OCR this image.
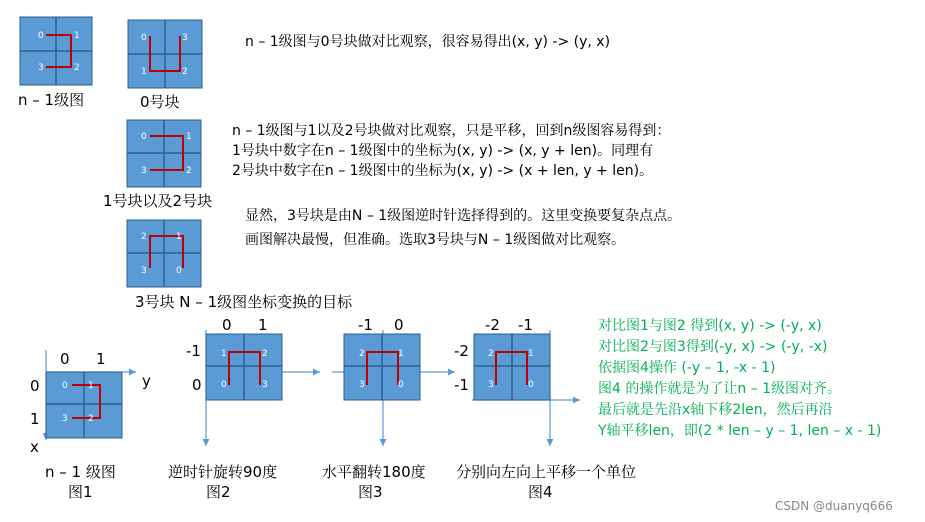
0	1
3	2
0	3
1	2
0	1
3	2
2	1
3	0
0 1
3 2
1	2
0	3
2	1
3	0
2	1
3	0
n – 1级图	0号块
n – 1级图与0号块做对比观察，很容易得出(x, y) -> (y, x)
1号块以及2号块
n – 1级图与1以及2号块做对比观察，只是平移，回到n级图容易得到：
1号块中数字在n – 1级图中的坐标为(x, y) -> (x, y + len)。同理有
2号块中数字在n – 1级图中的坐标为(x, y) -> (x + len, y + len)。
3号块 N – 1级图坐标变换的目标
显然，3号块是由N – 1级图逆时针选择得到的。这里变换要复杂点点。
画图解决最慢，但准确。选取3号块与N – 1级图做对比观察。
0 1
0
1
y
x
n – 1 级图
图1
0 1
-1
0
逆时针旋转90度
图2
-1 0
水平翻转180度
图3
-2 -1
-2
-1
分别向左向上平移一个单位
图4
对比图1与图2 得到(x, y) -> (-y, x)
对比图2与图3得到(-y, x) -> (-y, -x)
依据图4操作 (-y – 1, -x - 1)
图4 的操作就是为了让n – 1级图对齐。
最后就是先沿x轴下移2len，然后再沿
Y轴平移len，即(2 * len – y – 1, len – x - 1)
CSDN @duanyq666
